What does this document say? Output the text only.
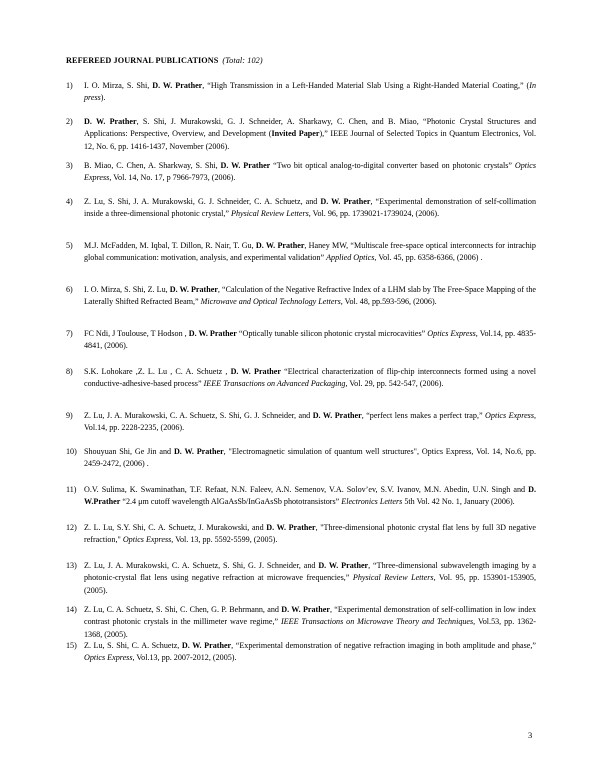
REFEREED JOURNAL PUBLICATIONS (Total: 102)
1) I. O. Mirza, S. Shi, D. W. Prather, “High Transmission in a Left-Handed Material Slab Using a Right-Handed Material Coating,” (In press).
2) D. W. Prather, S. Shi, J. Murakowski, G. J. Schneider, A. Sharkawy, C. Chen, and B. Miao, “Photonic Crystal Structures and Applications: Perspective, Overview, and Development (Invited Paper),” IEEE Journal of Selected Topics in Quantum Electronics, Vol. 12, No. 6, pp. 1416-1437, November (2006).
3) B. Miao, C. Chen, A. Sharkway, S. Shi, D. W. Prather “Two bit optical analog-to-digital converter based on photonic crystals” Optics Express, Vol. 14, No. 17, p 7966-7973, (2006).
4) Z. Lu, S. Shi, J. A. Murakowski, G. J. Schneider, C. A. Schuetz, and D. W. Prather, “Experimental demonstration of self-collimation inside a three-dimensional photonic crystal,” Physical Review Letters, Vol. 96, pp. 1739021-1739024, (2006).
5) M.J. McFadden, M. Iqbal, T. Dillon, R. Nair, T. Gu, D. W. Prather, Haney MW, “Multiscale free-space optical interconnects for intrachip global communication: motivation, analysis, and experimental validation” Applied Optics, Vol. 45, pp. 6358-6366, (2006) .
6) I. O. Mirza, S. Shi, Z. Lu, D. W. Prather, “Calculation of the Negative Refractive Index of a LHM slab by The Free-Space Mapping of the Laterally Shifted Refracted Beam,” Microwave and Optical Technology Letters, Vol. 48, pp.593-596, (2006).
7) FC Ndi, J Toulouse, T Hodson , D. W. Prather “Optically tunable silicon photonic crystal microcavities” Optics Express, Vol.14, pp. 4835-4841, (2006).
8) S.K. Lohokare ,Z. L. Lu , C. A. Schuetz , D. W. Prather “Electrical characterization of flip-chip interconnects formed using a novel conductive-adhesive-based process” IEEE Transactions on Advanced Packaging, Vol. 29, pp. 542-547, (2006).
9) Z. Lu, J. A. Murakowski, C. A. Schuetz, S. Shi, G. J. Schneider, and D. W. Prather, “perfect lens makes a perfect trap,” Optics Express, Vol.14, pp. 2228-2235, (2006).
10) Shouyuan Shi, Ge Jin and D. W. Prather, "Electromagnetic simulation of quantum well structures", Optics Express, Vol. 14, No.6, pp. 2459-2472, (2006) .
11) O.V. Sulima, K. Swaminathan, T.F. Refaat, N.N. Faleev, A.N. Semenov, V.A. Solov’ev, S.V. Ivanov, M.N. Abedin, U.N. Singh and D. W.Prather “2.4 μm cutoff wavelength AlGaAsSb/InGaAsSb phototransistors” Electronics Letters 5th Vol. 42 No. 1, January (2006).
12) Z. L. Lu, S.Y. Shi, C. A. Schuetz, J. Murakowski, and D. W. Prather, "Three-dimensional photonic crystal flat lens by full 3D negative refraction," Optics Express, Vol. 13, pp. 5592-5599, (2005).
13) Z. Lu, J. A. Murakowski, C. A. Schuetz, S. Shi, G. J. Schneider, and D. W. Prather, “Three-dimensional subwavelength imaging by a photonic-crystal flat lens using negative refraction at microwave frequencies,” Physical Review Letters, Vol. 95, pp. 153901-153905, (2005).
14) Z. Lu, C. A. Schuetz, S. Shi, C. Chen, G. P. Behrmann, and D. W. Prather, “Experimental demonstration of self-collimation in low index contrast photonic crystals in the millimeter wave regime,” IEEE Transactions on Microwave Theory and Techniques, Vol.53, pp. 1362-1368, (2005).
15) Z. Lu, S. Shi, C. A. Schuetz, D. W. Prather, “Experimental demonstration of negative refraction imaging in both amplitude and phase,” Optics Express, Vol.13, pp. 2007-2012, (2005).
3
